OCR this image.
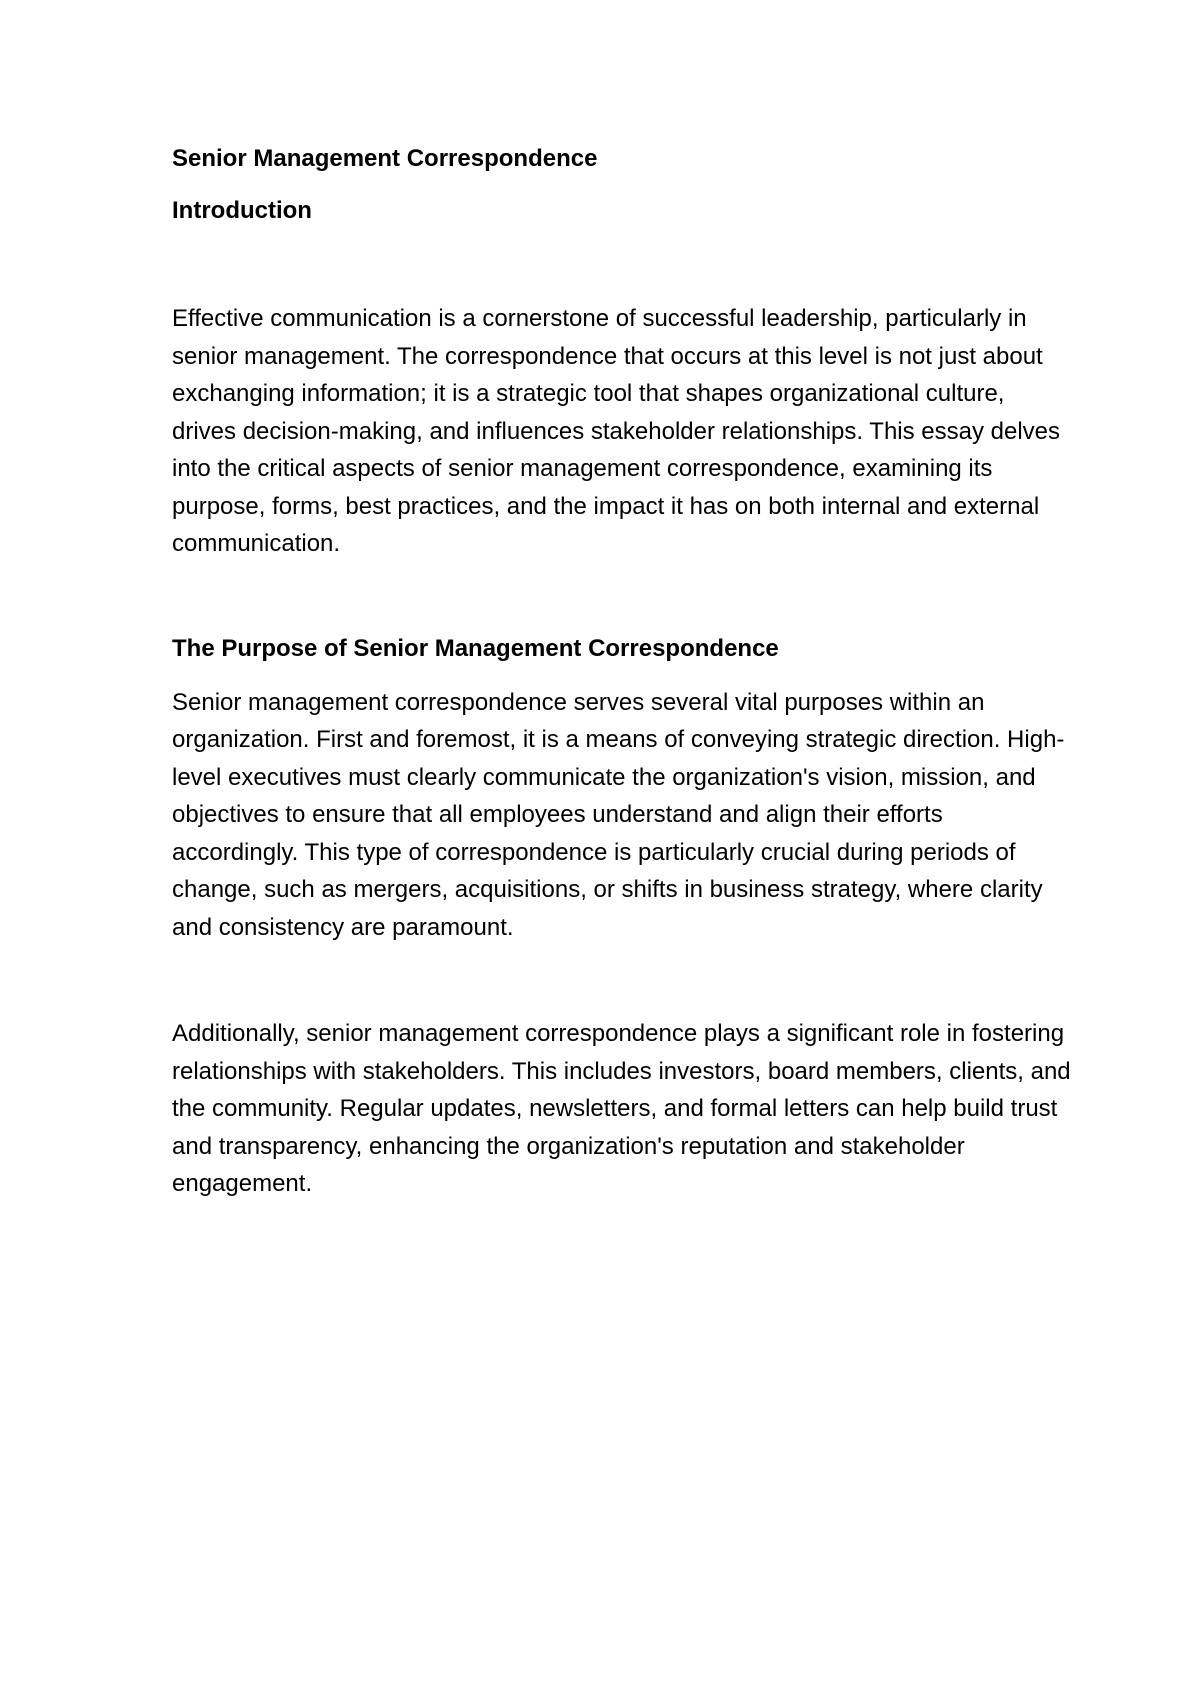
Senior Management Correspondence
Introduction

Effective communication is a cornerstone of successful leadership, particularly in senior management. The correspondence that occurs at this level is not just about exchanging information; it is a strategic tool that shapes organizational culture, drives decision-making, and influences stakeholder relationships. This essay delves into the critical aspects of senior management correspondence, examining its purpose, forms, best practices, and the impact it has on both internal and external communication.

The Purpose of Senior Management Correspondence

Senior management correspondence serves several vital purposes within an organization. First and foremost, it is a means of conveying strategic direction. High-level executives must clearly communicate the organization's vision, mission, and objectives to ensure that all employees understand and align their efforts accordingly. This type of correspondence is particularly crucial during periods of change, such as mergers, acquisitions, or shifts in business strategy, where clarity and consistency are paramount.

Additionally, senior management correspondence plays a significant role in fostering relationships with stakeholders. This includes investors, board members, clients, and the community. Regular updates, newsletters, and formal letters can help build trust and transparency, enhancing the organization's reputation and stakeholder engagement.
